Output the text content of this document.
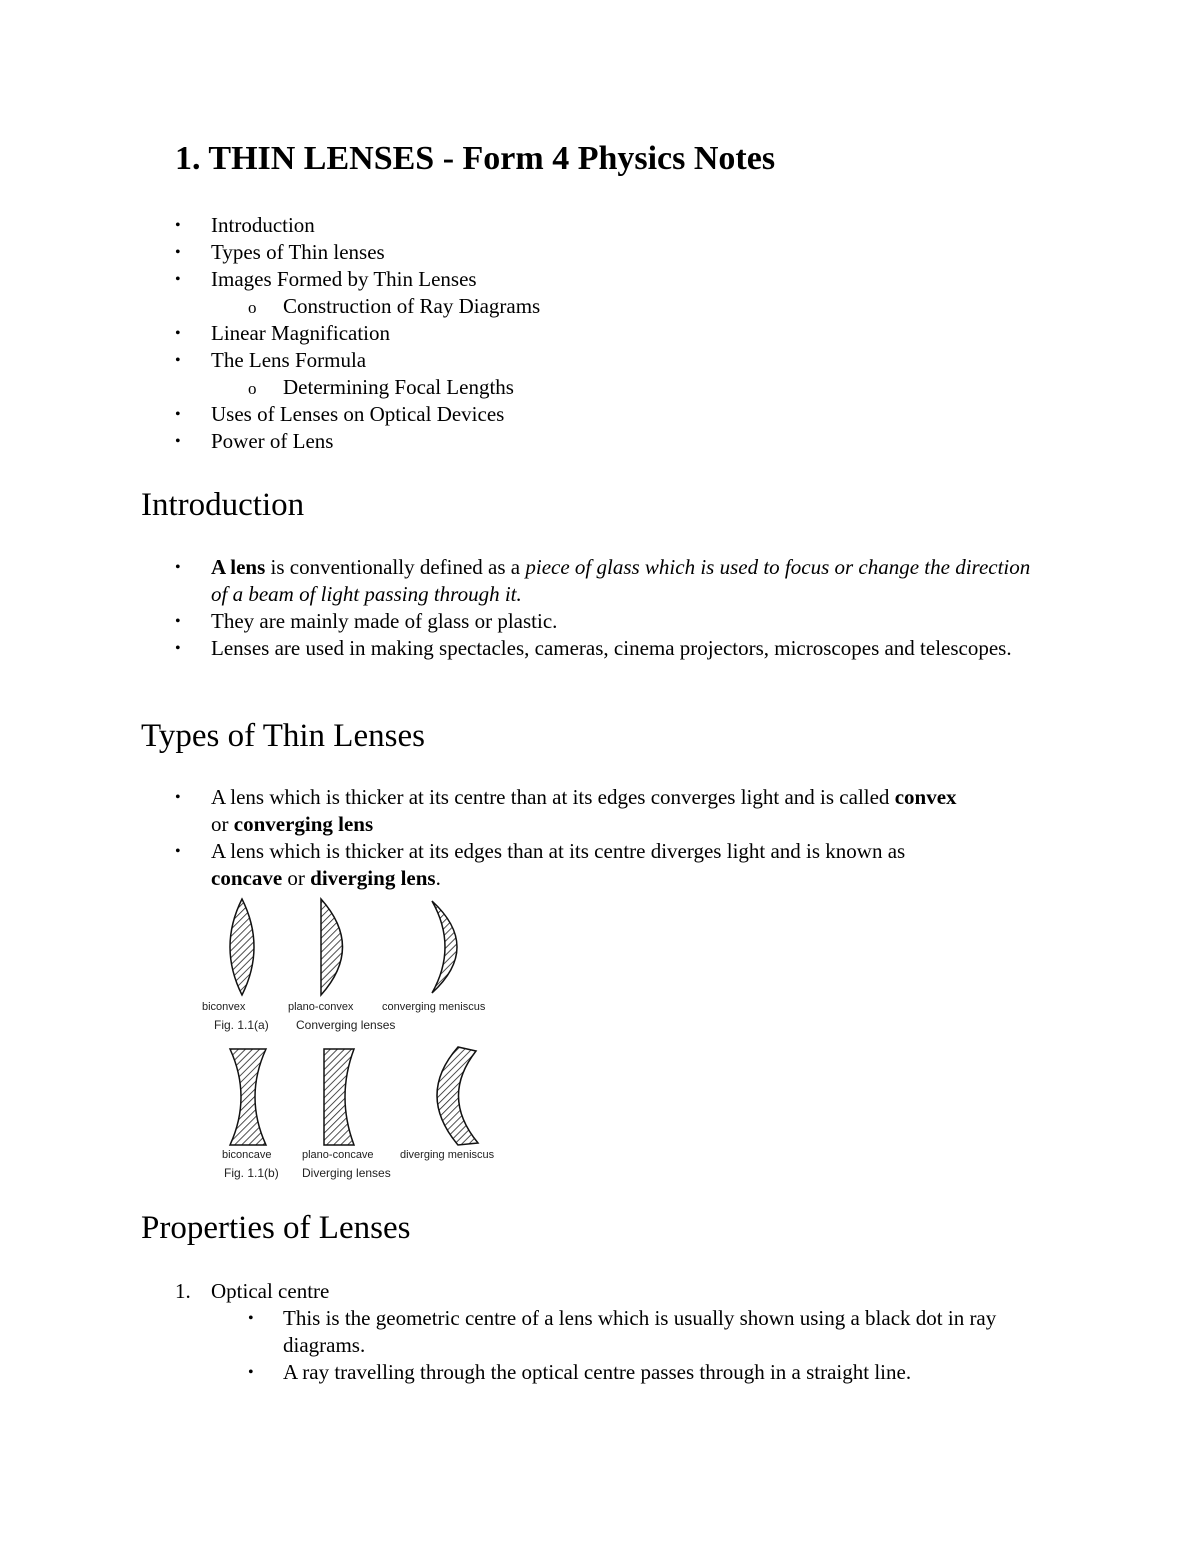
1. THIN LENSES - Form 4 Physics Notes
• Introduction
• Types of Thin lenses
• Images Formed by Thin Lenses
o Construction of Ray Diagrams
• Linear Magnification
• The Lens Formula
o Determining Focal Lengths
• Uses of Lenses on Optical Devices
• Power of Lens
Introduction
• A lens is conventionally defined as a piece of glass which is used to focus or change the direction of a beam of light passing through it.
• They are mainly made of glass or plastic.
• Lenses are used in making spectacles, cameras, cinema projectors, microscopes and telescopes.
Types of Thin Lenses
• A lens which is thicker at its centre than at its edges converges light and is called convex or converging lens
• A lens which is thicker at its edges than at its centre diverges light and is known as concave or diverging lens.
biconvex	plano-convex	converging meniscus
Fig. 1.1(a) Converging lenses
biconcave	plano-concave diverging meniscus
Fig. 1.1(b) Diverging lenses
Properties of Lenses
1. Optical centre
• This is the geometric centre of a lens which is usually shown using a black dot in ray diagrams.
• A ray travelling through the optical centre passes through in a straight line.
